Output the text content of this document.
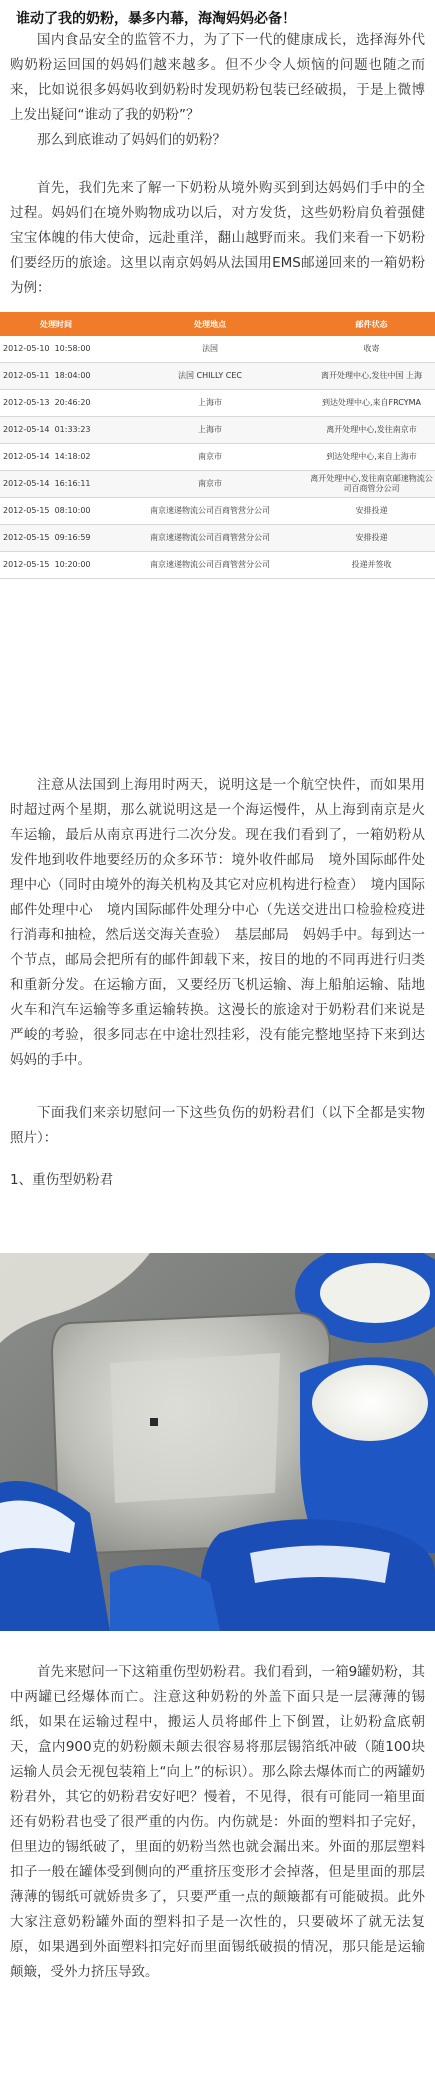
谁动了我的奶粉，暴多内幕，海淘妈妈必备！
国内食品安全的监管不力，为了下一代的健康成长，选择海外代购奶粉运回国的妈妈们越来越多。但不少令人烦恼的问题也随之而来，比如说很多妈妈收到奶粉时发现奶粉包装已经破损，于是上微博上发出疑问“谁动了我的奶粉”？
那么到底谁动了妈妈们的奶粉？
首先，我们先来了解一下奶粉从境外购买到到达妈妈们手中的全过程。妈妈们在境外购物成功以后，对方发货，这些奶粉肩负着强健宝宝体魄的伟大使命，远赴重洋，翻山越野而来。我们来看一下奶粉们要经历的旅途。这里以南京妈妈从法国用EMS邮递回来的一箱奶粉为例：
处理时间	处理地点	邮件状态
2012-05-10 10:58:00	法国	收寄
2012-05-11 18:04:00	法国 CHILLY CEC	离开处理中心,发往中国 上海
2012-05-13 20:46:20	上海市	到达处理中心,来自FRCYMA
2012-05-14 01:33:23	上海市	离开处理中心,发往南京市
2012-05-14 14:18:02	南京市	到达处理中心,来自上海市
2012-05-14 16:16:11	南京市	离开处理中心,发往南京邮速物流公司百商管分公司
2012-05-15 08:10:00	南京速递物流公司百商管营分公司	安排投递
2012-05-15 09:16:59	南京速递物流公司百商管营分公司	安排投递
2012-05-15 10:20:00	南京速递物流公司百商管营分公司	投递并签收
注意从法国到上海用时两天，说明这是一个航空快件，而如果用时超过两个星期，那么就说明这是一个海运慢件，从上海到南京是火车运输，最后从南京再进行二次分发。现在我们看到了，一箱奶粉从发件地到收件地要经历的众多环节：境外收件邮局　境外国际邮件处理中心（同时由境外的海关机构及其它对应机构进行检查）　境内国际邮件处理中心　境内国际邮件处理分中心（先送交进出口检验检疫进行消毒和抽检，然后送交海关查验）　基层邮局　妈妈手中。每到达一个节点，邮局会把所有的邮件卸载下来，按目的地的不同再进行归类和重新分发。在运输方面，又要经历飞机运输、海上船舶运输、陆地火车和汽车运输等多重运输转换。这漫长的旅途对于奶粉君们来说是严峻的考验，很多同志在中途壮烈挂彩，没有能完整地坚持下来到达妈妈的手中。
下面我们来亲切慰问一下这些负伤的奶粉君们（以下全都是实物照片）：
1、重伤型奶粉君
首先来慰问一下这箱重伤型奶粉君。我们看到，一箱9罐奶粉，其中两罐已经爆体而亡。注意这种奶粉的外盖下面只是一层薄薄的锡纸，如果在运输过程中，搬运人员将邮件上下倒置，让奶粉盒底朝天，盒内900克的奶粉颇未颠去很容易将那层锡箔纸冲破（随100块运输人员会无视包装箱上“向上”的标识）。那么除去爆体而亡的两罐奶粉君外，其它的奶粉君安好吧？慢着，不见得，很有可能同一箱里面还有奶粉君也受了很严重的内伤。内伤就是：外面的塑料扣子完好，但里边的锡纸破了，里面的奶粉当然也就会漏出来。外面的那层塑料扣子一般在罐体受到侧向的严重挤压变形才会掉落，但是里面的那层薄薄的锡纸可就娇贵多了，只要严重一点的颠簸都有可能破损。此外大家注意奶粉罐外面的塑料扣子是一次性的，只要破坏了就无法复原，如果遇到外面塑料扣完好而里面锡纸破损的情况，那只能是运输颠簸，受外力挤压导致。
